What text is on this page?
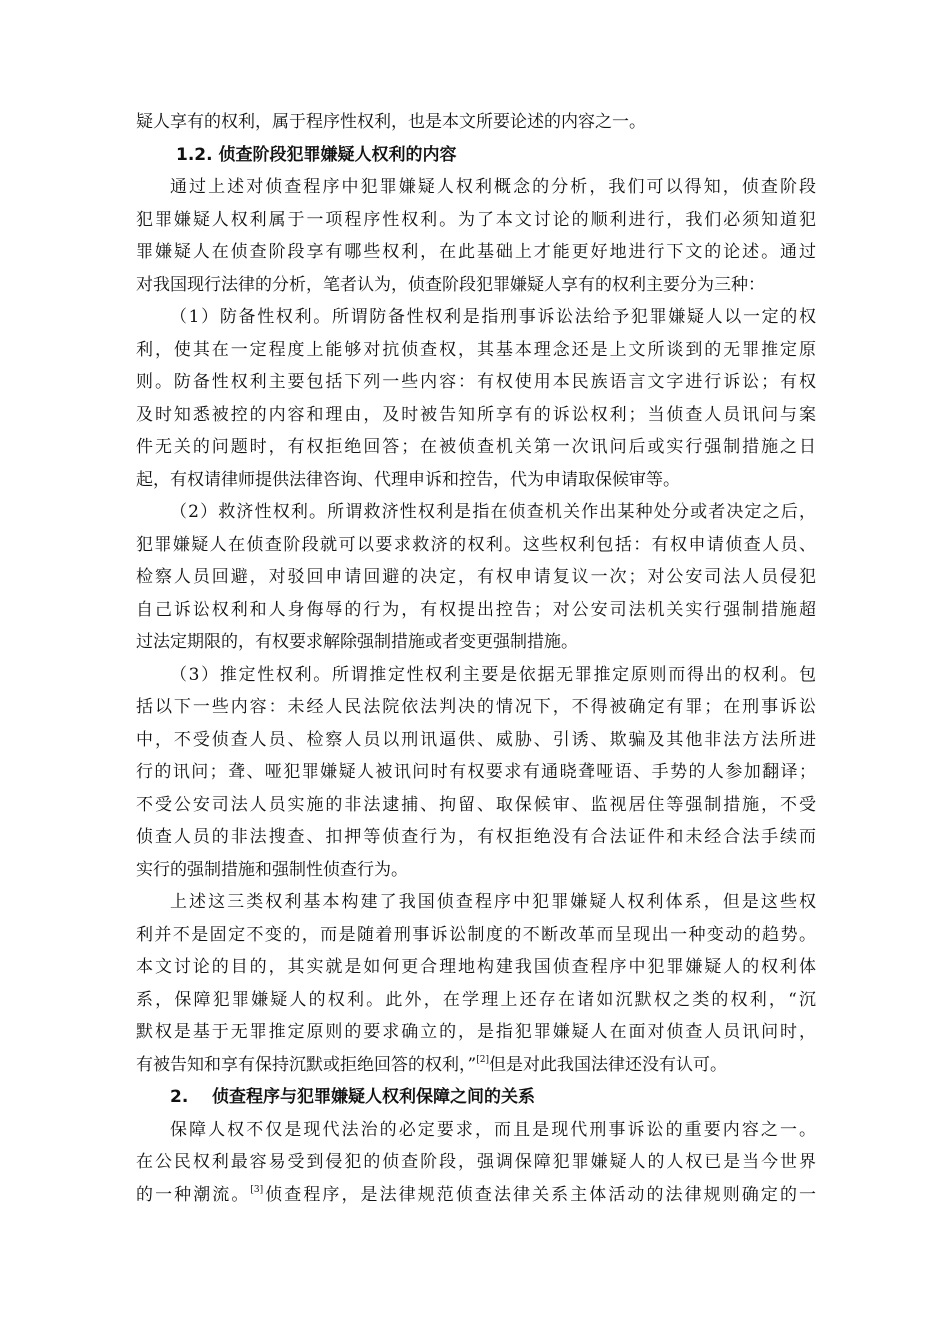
疑人享有的权利，属于程序性权利，也是本文所要论述的内容之一。
1.2. 侦查阶段犯罪嫌疑人权利的内容
通过上述对侦查程序中犯罪嫌疑人权利概念的分析，我们可以得知，侦查阶段
犯罪嫌疑人权利属于一项程序性权利。为了本文讨论的顺利进行，我们必须知道犯
罪嫌疑人在侦查阶段享有哪些权利，在此基础上才能更好地进行下文的论述。通过
对我国现行法律的分析，笔者认为，侦查阶段犯罪嫌疑人享有的权利主要分为三种：
（1）防备性权利。所谓防备性权利是指刑事诉讼法给予犯罪嫌疑人以一定的权
利，使其在一定程度上能够对抗侦查权，其基本理念还是上文所谈到的无罪推定原
则。防备性权利主要包括下列一些内容：有权使用本民族语言文字进行诉讼；有权
及时知悉被控的内容和理由，及时被告知所享有的诉讼权利；当侦查人员讯问与案
件无关的问题时，有权拒绝回答；在被侦查机关第一次讯问后或实行强制措施之日
起，有权请律师提供法律咨询、代理申诉和控告，代为申请取保候审等。
（2）救济性权利。所谓救济性权利是指在侦查机关作出某种处分或者决定之后，
犯罪嫌疑人在侦查阶段就可以要求救济的权利。这些权利包括：有权申请侦查人员、
检察人员回避，对驳回申请回避的决定，有权申请复议一次；对公安司法人员侵犯
自己诉讼权利和人身侮辱的行为，有权提出控告；对公安司法机关实行强制措施超
过法定期限的，有权要求解除强制措施或者变更强制措施。
（3）推定性权利。所谓推定性权利主要是依据无罪推定原则而得出的权利。包
括以下一些内容：未经人民法院依法判决的情况下，不得被确定有罪；在刑事诉讼
中，不受侦查人员、检察人员以刑讯逼供、威胁、引诱、欺骗及其他非法方法所进
行的讯问；聋、哑犯罪嫌疑人被讯问时有权要求有通晓聋哑语、手势的人参加翻译；
不受公安司法人员实施的非法逮捕、拘留、取保候审、监视居住等强制措施，不受
侦查人员的非法搜查、扣押等侦查行为，有权拒绝没有合法证件和未经合法手续而
实行的强制措施和强制性侦查行为。
上述这三类权利基本构建了我国侦查程序中犯罪嫌疑人权利体系，但是这些权
利并不是固定不变的，而是随着刑事诉讼制度的不断改革而呈现出一种变动的趋势。
本文讨论的目的，其实就是如何更合理地构建我国侦查程序中犯罪嫌疑人的权利体
系，保障犯罪嫌疑人的权利。此外，在学理上还存在诸如沉默权之类的权利，“沉
默权是基于无罪推定原则的要求确立的，是指犯罪嫌疑人在面对侦查人员讯问时，
有被告知和享有保持沉默或拒绝回答的权利，”[2]但是对此我国法律还没有认可。
2. 侦查程序与犯罪嫌疑人权利保障之间的关系
保障人权不仅是现代法治的必定要求，而且是现代刑事诉讼的重要内容之一。
在公民权利最容易受到侵犯的侦查阶段，强调保障犯罪嫌疑人的人权已是当今世界
的一种潮流。[3]侦查程序，是法律规范侦查法律关系主体活动的法律规则确定的一
